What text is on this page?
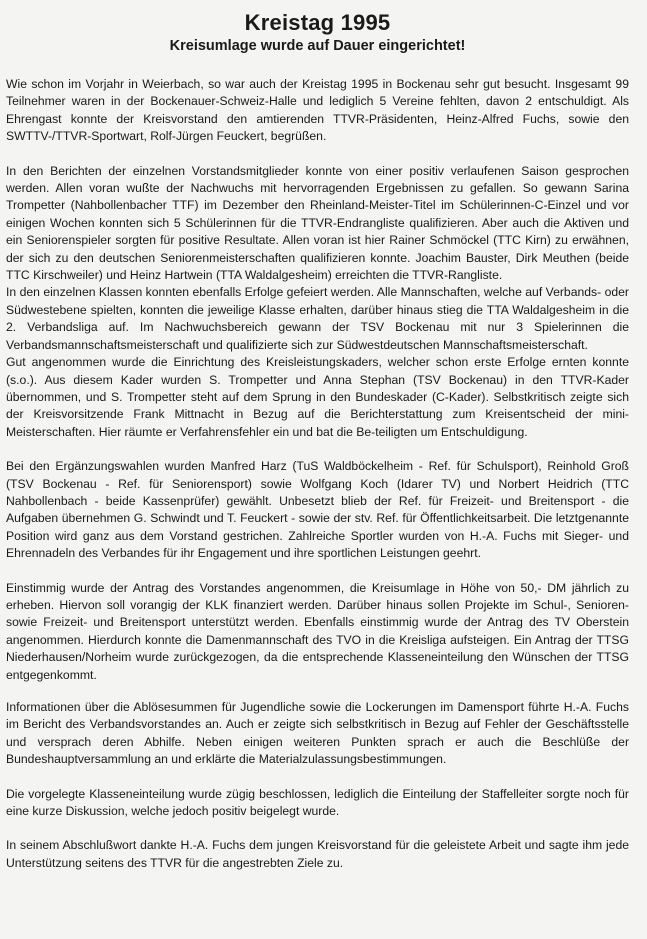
Kreistag 1995
Kreisumlage wurde auf Dauer eingerichtet!

Wie schon im Vorjahr in Weierbach, so war auch der Kreistag 1995 in Bockenau sehr gut besucht. Insgesamt 99 Teilnehmer waren in der Bockenauer-Schweiz-Halle und lediglich 5 Vereine fehlten, davon 2 entschuldigt. Als Ehrengast konnte der Kreisvorstand den amtierenden TTVR-Präsidenten, Heinz-Alfred Fuchs, sowie den SWTTV-/TTVR-Sportwart, Rolf-Jürgen Feuckert, begrüßen.

In den Berichten der einzelnen Vorstandsmitglieder konnte von einer positiv verlaufenen Saison gesprochen werden. Allen voran wußte der Nachwuchs mit hervorragenden Ergebnissen zu gefallen. So gewann Sarina Trompetter (Nahbollenbacher TTF) im Dezember den Rheinland-Meister-Titel im Schülerinnen-C-Einzel und vor einigen Wochen konnten sich 5 Schülerinnen für die TTVR-Endrangliste qualifizieren. Aber auch die Aktiven und ein Seniorenspieler sorgten für positive Resultate. Allen voran ist hier Rainer Schmöckel (TTC Kirn) zu erwähnen, der sich zu den deutschen Seniorenmeisterschaften qualifizieren konnte. Joachim Bauster, Dirk Meuthen (beide TTC Kirschweiler) und Heinz Hartwein (TTA Waldalgesheim) erreichten die TTVR-Rangliste.

In den einzelnen Klassen konnten ebenfalls Erfolge gefeiert werden. Alle Mannschaften, welche auf Verbands- oder Südwestebene spielten, konnten die jeweilige Klasse erhalten, darüber hinaus stieg die TTA Waldalgesheim in die 2. Verbandsliga auf. Im Nachwuchsbereich gewann der TSV Bockenau mit nur 3 Spielerinnen die Verbandsmannschaftsmeisterschaft und qualifizierte sich zur Südwestdeutschen Mannschaftsmeisterschaft.

Gut angenommen wurde die Einrichtung des Kreisleistungskaders, welcher schon erste Erfolge ernten konnte (s.o.). Aus diesem Kader wurden S. Trompetter und Anna Stephan (TSV Bockenau) in den TTVR-Kader übernommen, und S. Trompetter steht auf dem Sprung in den Bundeskader (C-Kader). Selbstkritisch zeigte sich der Kreisvorsitzende Frank Mittnacht in Bezug auf die Berichterstattung zum Kreisentscheid der mini-Meisterschaften. Hier räumte er Verfahrensfehler ein und bat die Be-teiligten um Entschuldigung.

Bei den Ergänzungswahlen wurden Manfred Harz (TuS Waldböckelheim - Ref. für Schulsport), Reinhold Groß (TSV Bockenau - Ref. für Seniorensport) sowie Wolfgang Koch (Idarer TV) und Norbert Heidrich (TTC Nahbollenbach - beide Kassenprüfer) gewählt. Unbesetzt blieb der Ref. für Freizeit- und Breitensport - die Aufgaben übernehmen G. Schwindt und T. Feuckert - sowie der stv. Ref. für Öffentlichkeitsarbeit. Die letztgenannte Position wird ganz aus dem Vorstand gestrichen. Zahlreiche Sportler wurden von H.-A. Fuchs mit Sieger- und Ehrennadeln des Verbandes für ihr Engagement und ihre sportlichen Leistungen geehrt.

Einstimmig wurde der Antrag des Vorstandes angenommen, die Kreisumlage in Höhe von 50,- DM jährlich zu erheben. Hiervon soll vorangig der KLK finanziert werden. Darüber hinaus sollen Projekte im Schul-, Senioren- sowie Freizeit- und Breitensport unterstützt werden. Ebenfalls einstimmig wurde der Antrag des TV Oberstein angenommen. Hierdurch konnte die Damenmannschaft des TVO in die Kreisliga aufsteigen. Ein Antrag der TTSG Niederhausen/Norheim wurde zurückgezogen, da die entsprechende Klasseneinteilung den Wünschen der TTSG entgegenkommt.

Informationen über die Ablösesummen für Jugendliche sowie die Lockerungen im Damensport führte H.-A. Fuchs im Bericht des Verbandsvorstandes an. Auch er zeigte sich selbstkritisch in Bezug auf Fehler der Geschäftsstelle und versprach deren Abhilfe. Neben einigen weiteren Punkten sprach er auch die Beschlüße der Bundeshauptversammlung an und erklärte die Materialzulassungsbestimmungen.

Die vorgelegte Klasseneinteilung wurde zügig beschlossen, lediglich die Einteilung der Staffelleiter sorgte noch für eine kurze Diskussion, welche jedoch positiv beigelegt wurde.

In seinem Abschlußwort dankte H.-A. Fuchs dem jungen Kreisvorstand für die geleistete Arbeit und sagte ihm jede Unterstützung seitens des TTVR für die angestrebten Ziele zu.
